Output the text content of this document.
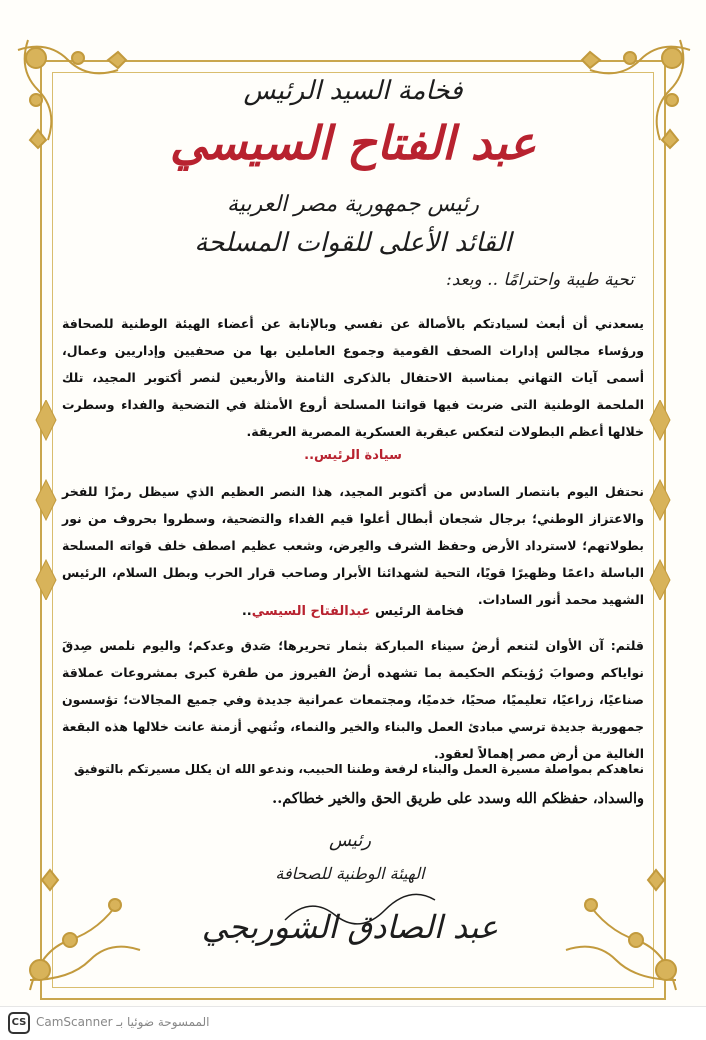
فخامة السيد الرئيس
عبد الفتاح السيسي
رئيس جمهورية مصر العربية
القائد الأعلى للقوات المسلحة
تحية طيبة واحترامًا .. وبعد:

يسعدني أن أبعث لسيادتكم بالأصالة عن نفسي وبالإنابة عن أعضاء الهيئة الوطنية للصحافة ورؤساء مجالس إدارات الصحف القومية وجموع العاملين بها من صحفيين وإداريين وعمال، أسمى آيات التهاني بمناسبة الاحتفال بالذكرى الثامنة والأربعين لنصر أكتوبر المجيد، تلك الملحمة الوطنية التى ضربت فيها قواتنا المسلحة أروع الأمثلة في التضحية والفداء وسطرت خلالها أعظم البطولات لتعكس عبقرية العسكرية المصرية العريقة.

سيادة الرئيس..

نحتفل اليوم بانتصار السادس من أكتوبر المجيد، هذا النصر العظيم الذي سيظل رمزًا للفخر والاعتزاز الوطني؛ برجال شجعان أبطال أعلوا قيم الفداء والتضحية، وسطروا بحروف من نور بطولاتهم؛ لاسترداد الأرض وحفظ الشرف والعِرض، وشعب عظيم اصطف خلف قواته المسلحة الباسلة داعمًا وظهيرًا قويًا، التحية لشهدائنا الأبرار وصاحب قرار الحرب وبطل السلام، الرئيس الشهيد محمد أنور السادات.

فخامة الرئيس عبدالفتاح السيسي..

قلتم: آن الأوان لتنعم أرضُ سيناء المباركة بثمار تحريرها؛ صَدق وعدكم؛ واليوم نلمس صِدقَ نواياكم وصوابَ رُؤيتكم الحكيمة بما تشهده أرضُ الفيروز من طفرة كبرى بمشروعات عملاقة صناعيًا، زراعيًا، تعليميًا، صحيًا، خدميًا، ومجتمعات عمرانية جديدة وفي جميع المجالات؛ تؤسسون جمهورية جديدة ترسي مبادئ العمل والبناء والخير والنماء، وتُنهي أزمنة عانت خلالها هذه البقعة الغالية من أرض مصر إهمالاً لعقود.

نعاهدكم بمواصلة مسيرة العمل والبناء لرفعة وطننا الحبيب، وندعو الله ان يكلل مسيرتكم بالتوفيق

والسداد، حفظكم الله وسدد على طريق الحق والخير خطاكم..

رئيس
الهيئة الوطنية للصحافة
عبد الصادق الشوربجي
CS الممسوحة ضوئيا بـ CamScanner
